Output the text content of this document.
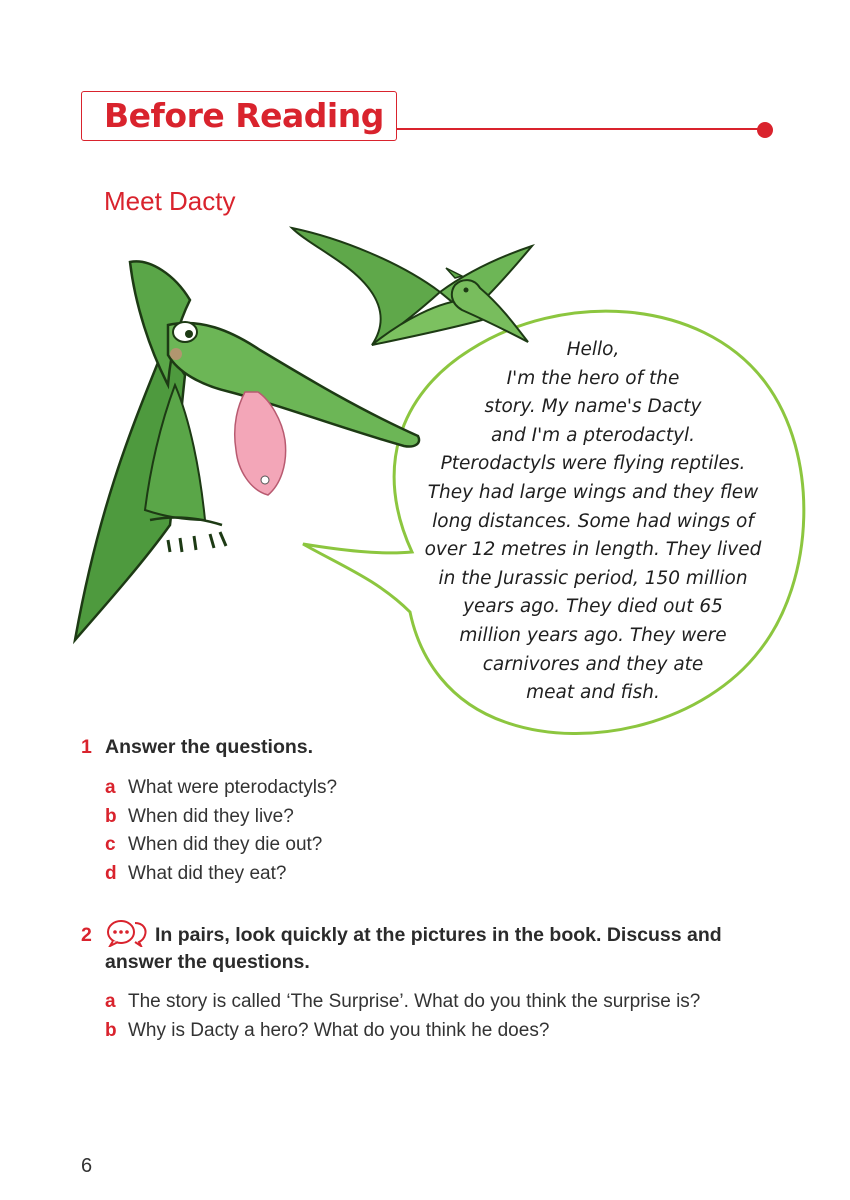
Before Reading
Meet Dacty
Hello,
I'm the hero of the
story. My name's Dacty
and I'm a pterodactyl.
Pterodactyls were flying reptiles.
They had large wings and they flew
long distances. Some had wings of
over 12 metres in length. They lived
in the Jurassic period, 150 million
years ago. They died out 65
million years ago. They were
carnivores and they ate
meat and fish.
1 Answer the questions.
a What were pterodactyls?
b When did they live?
c When did they die out?
d What did they eat?
2	In pairs, look quickly at the pictures in the book. Discuss and
answer the questions.
a The story is called ‘The Surprise’. What do you think the surprise is?
b Why is Dacty a hero? What do you think he does?
6
